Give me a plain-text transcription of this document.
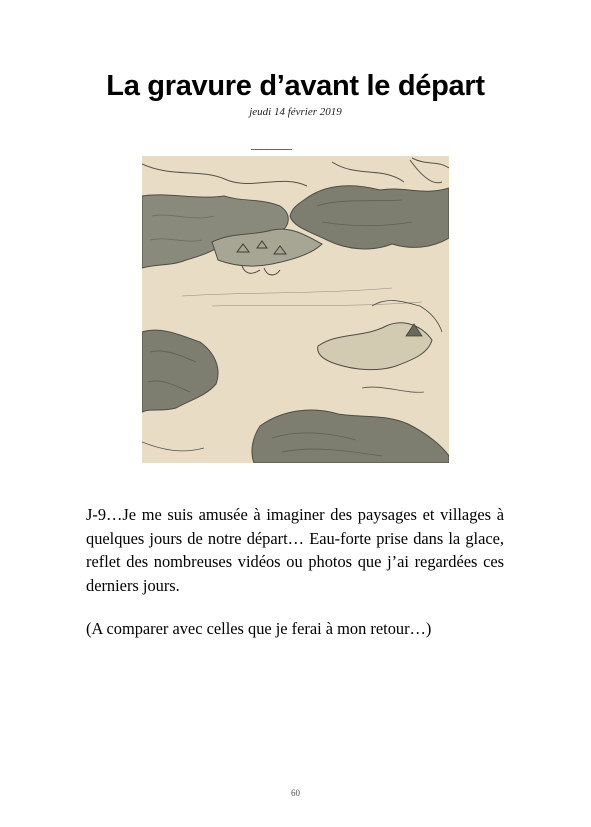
La gravure d’avant le départ
jeudi 14 février 2019
________

J-9…Je me suis amusée à imaginer des paysages et villages à quelques jours de notre départ… Eau-forte prise dans la glace, reflet des nombreuses vidéos ou photos que j’ai regardées ces derniers jours.

(A comparer avec celles que je ferai à mon retour…)

60
